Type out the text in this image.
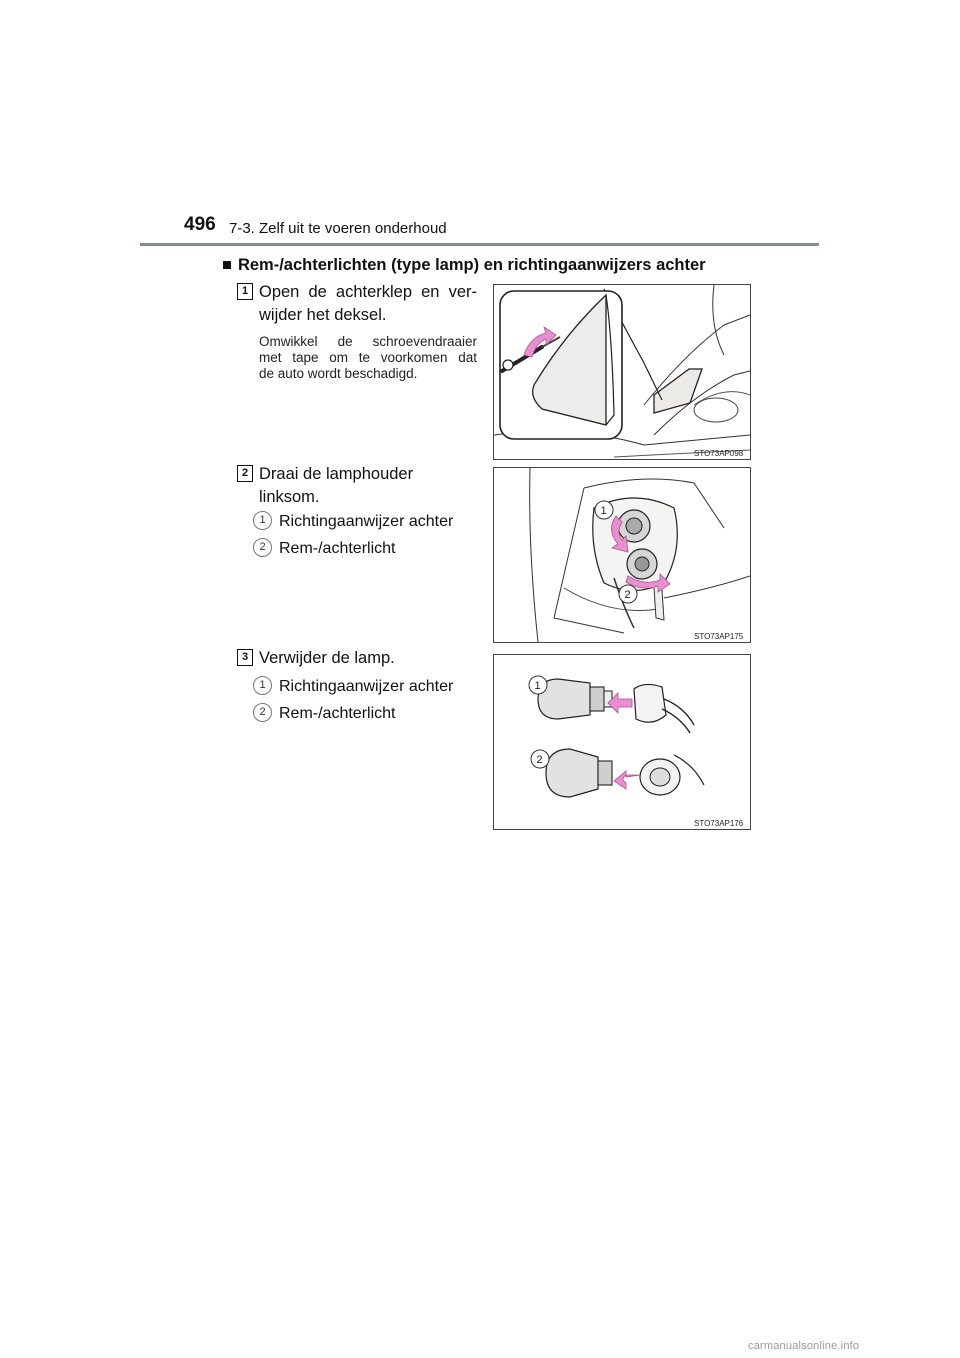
496 7-3. Zelf uit te voeren onderhoud
■ Rem-/achterlichten (type lamp) en richtingaanwijzers achter
1 Open de achterklep en ver-
wijder het deksel.
Omwikkel de schroevendraaier
met tape om te voorkomen dat
de auto wordt beschadigd.
STO73AP098
2 Draai de lamphouder
linksom.
1 Richtingaanwijzer achter
2 Rem-/achterlicht
1
2
STO73AP175
3 Verwijder de lamp.
1 Richtingaanwijzer achter
2 Rem-/achterlicht
1
2
STO73AP176
carmanualsonline.info
